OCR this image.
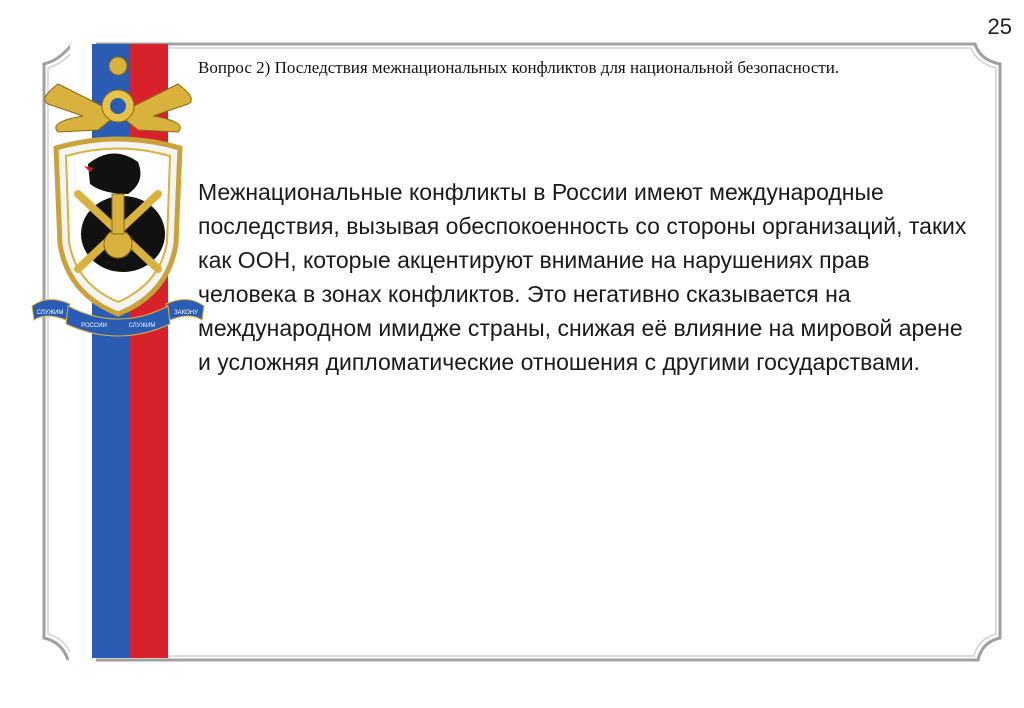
СЛУЖИМ
РОССИИ	СЛУЖИМ
ЗАКОНУ
25
Вопрос 2) Последствия межнациональных конфликтов для национальной безопасности.
Межнациональные конфликты в России имеют международные последствия, вызывая обеспокоенность со стороны организаций, таких как ООН, которые акцентируют внимание на нарушениях прав человека в зонах конфликтов. Это негативно сказывается на международном имидже страны, снижая её влияние на мировой арене и усложняя дипломатические отношения с другими государствами.
